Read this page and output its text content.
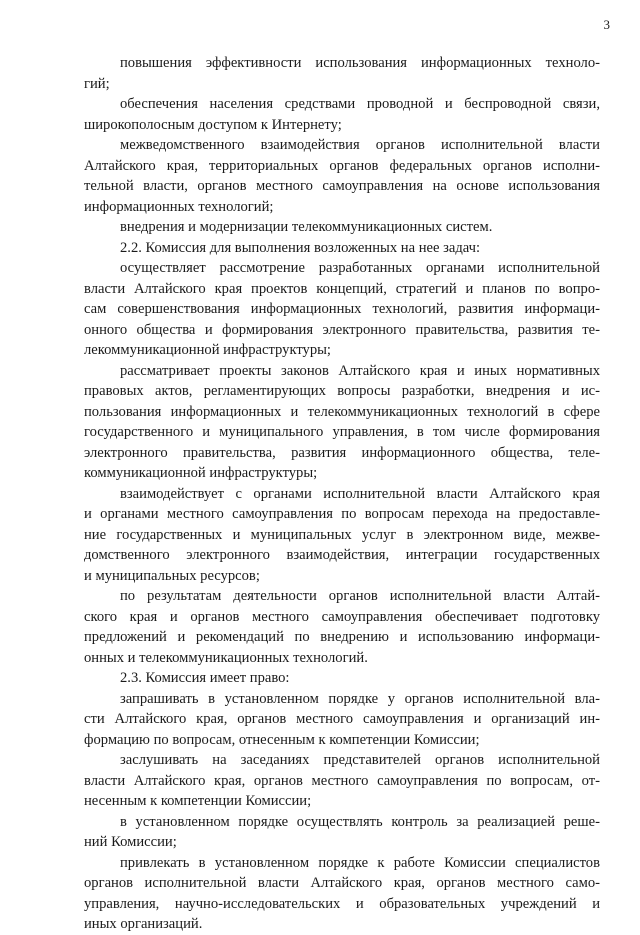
3
повышения эффективности использования информационных техноло-
гий;
обеспечения населения средствами проводной и беспроводной связи,
широкополосным доступом к Интернету;
межведомственного взаимодействия органов исполнительной власти
Алтайского края, территориальных органов федеральных органов исполни-
тельной власти, органов местного самоуправления на основе использования
информационных технологий;
внедрения и модернизации телекоммуникационных систем.
2.2. Комиссия для выполнения возложенных на нее задач:
осуществляет рассмотрение разработанных органами исполнительной
власти Алтайского края проектов концепций, стратегий и планов по вопро-
сам совершенствования информационных технологий, развития информаци-
онного общества и формирования электронного правительства, развития те-
лекоммуникационной инфраструктуры;
рассматривает проекты законов Алтайского края и иных нормативных
правовых актов, регламентирующих вопросы разработки, внедрения и ис-
пользования информационных и телекоммуникационных технологий в сфере
государственного и муниципального управления, в том числе формирования
электронного правительства, развития информационного общества, теле-
коммуникационной инфраструктуры;
взаимодействует с органами исполнительной власти Алтайского края
и органами местного самоуправления по вопросам перехода на предоставле-
ние государственных и муниципальных услуг в электронном виде, межве-
домственного электронного взаимодействия, интеграции государственных
и муниципальных ресурсов;
по результатам деятельности органов исполнительной власти Алтай-
ского края и органов местного самоуправления обеспечивает подготовку
предложений и рекомендаций по внедрению и использованию информаци-
онных и телекоммуникационных технологий.
2.3. Комиссия имеет право:
запрашивать в установленном порядке у органов исполнительной вла-
сти Алтайского края, органов местного самоуправления и организаций ин-
формацию по вопросам, отнесенным к компетенции Комиссии;
заслушивать на заседаниях представителей органов исполнительной
власти Алтайского края, органов местного самоуправления по вопросам, от-
несенным к компетенции Комиссии;
в установленном порядке осуществлять контроль за реализацией реше-
ний Комиссии;
привлекать в установленном порядке к работе Комиссии специалистов
органов исполнительной власти Алтайского края, органов местного само-
управления, научно-исследовательских и образовательных учреждений и
иных организаций.
